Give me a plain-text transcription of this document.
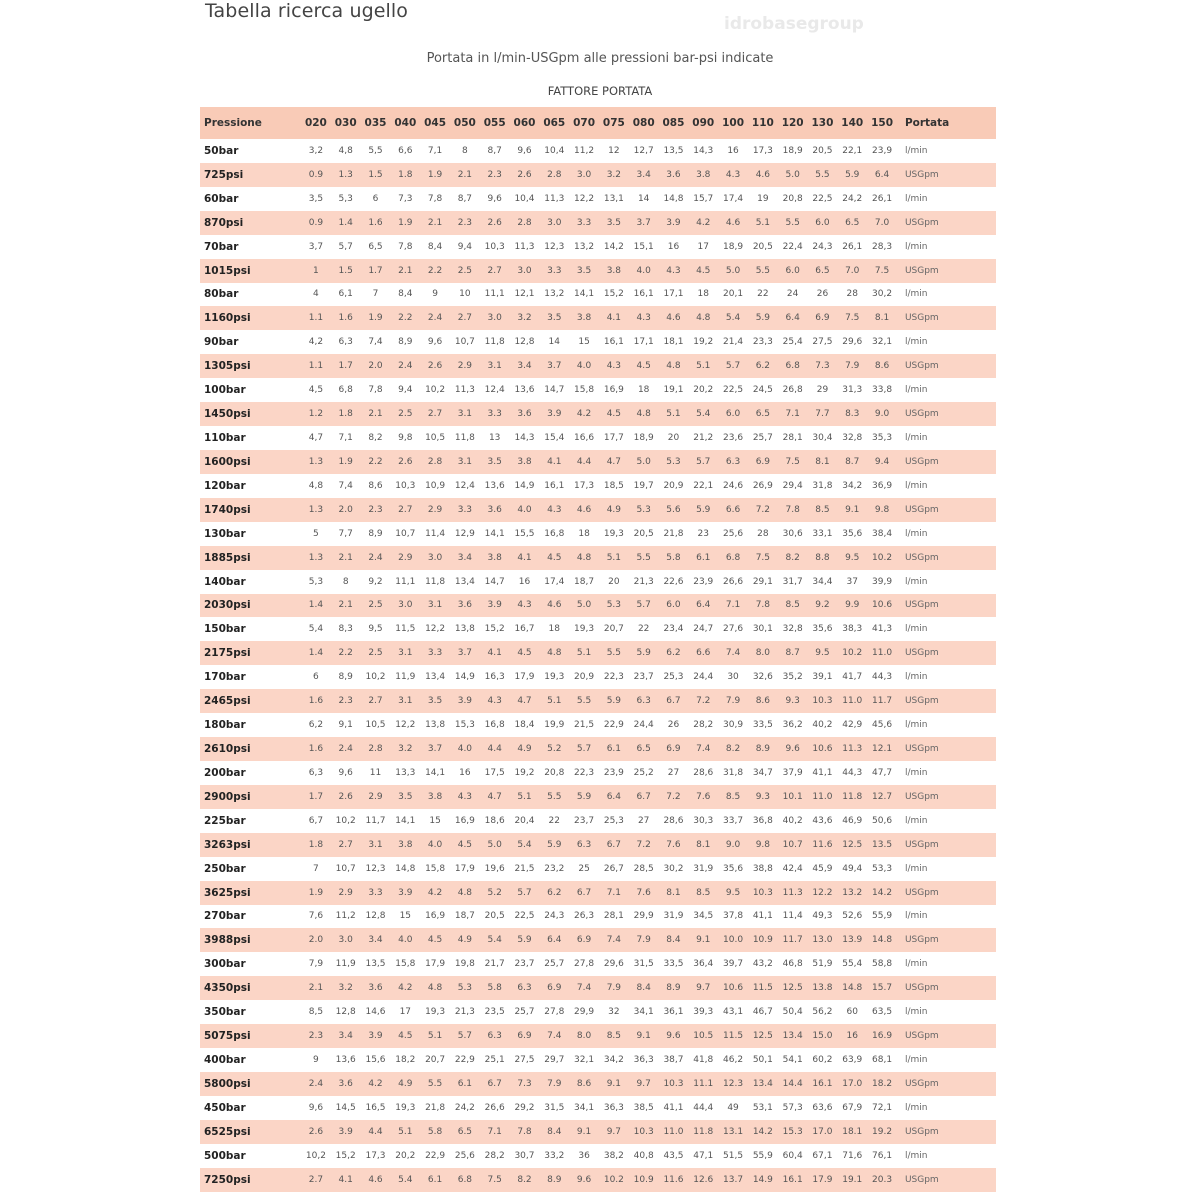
Tabella ricerca ugello
idrobasegroup
Portata in l/min-USGpm alle pressioni bar-psi indicate
FATTORE PORTATA
Pressione	020	030	035	040	045	050	055	060	065	070	075	080	085	090	100	110	120	130	140	150	Portata
50bar	3,2	4,8	5,5	6,6	7,1	8	8,7	9,6	10,4	11,2	12	12,7	13,5	14,3	16	17,3	18,9	20,5	22,1	23,9	l/min
725psi	0.9	1.3	1.5	1.8	1.9	2.1	2.3	2.6	2.8	3.0	3.2	3.4	3.6	3.8	4.3	4.6	5.0	5.5	5.9	6.4	USGpm
60bar	3,5	5,3	6	7,3	7,8	8,7	9,6	10,4	11,3	12,2	13,1	14	14,8	15,7	17,4	19	20,8	22,5	24,2	26,1	l/min
870psi	0.9	1.4	1.6	1.9	2.1	2.3	2.6	2.8	3.0	3.3	3.5	3.7	3.9	4.2	4.6	5.1	5.5	6.0	6.5	7.0	USGpm
70bar	3,7	5,7	6,5	7,8	8,4	9,4	10,3	11,3	12,3	13,2	14,2	15,1	16	17	18,9	20,5	22,4	24,3	26,1	28,3	l/min
1015psi	1	1.5	1.7	2.1	2.2	2.5	2.7	3.0	3.3	3.5	3.8	4.0	4.3	4.5	5.0	5.5	6.0	6.5	7.0	7.5	USGpm
80bar	4	6,1	7	8,4	9	10	11,1	12,1	13,2	14,1	15,2	16,1	17,1	18	20,1	22	24	26	28	30,2	l/min
1160psi	1.1	1.6	1.9	2.2	2.4	2.7	3.0	3.2	3.5	3.8	4.1	4.3	4.6	4.8	5.4	5.9	6.4	6.9	7.5	8.1	USGpm
90bar	4,2	6,3	7,4	8,9	9,6	10,7	11,8	12,8	14	15	16,1	17,1	18,1	19,2	21,4	23,3	25,4	27,5	29,6	32,1	l/min
1305psi	1.1	1.7	2.0	2.4	2.6	2.9	3.1	3.4	3.7	4.0	4.3	4.5	4.8	5.1	5.7	6.2	6.8	7.3	7.9	8.6	USGpm
100bar	4,5	6,8	7,8	9,4	10,2	11,3	12,4	13,6	14,7	15,8	16,9	18	19,1	20,2	22,5	24,5	26,8	29	31,3	33,8	l/min
1450psi	1.2	1.8	2.1	2.5	2.7	3.1	3.3	3.6	3.9	4.2	4.5	4.8	5.1	5.4	6.0	6.5	7.1	7.7	8.3	9.0	USGpm
110bar	4,7	7,1	8,2	9,8	10,5	11,8	13	14,3	15,4	16,6	17,7	18,9	20	21,2	23,6	25,7	28,1	30,4	32,8	35,3	l/min
1600psi	1.3	1.9	2.2	2.6	2.8	3.1	3.5	3.8	4.1	4.4	4.7	5.0	5.3	5.7	6.3	6.9	7.5	8.1	8.7	9.4	USGpm
120bar	4,8	7,4	8,6	10,3	10,9	12,4	13,6	14,9	16,1	17,3	18,5	19,7	20,9	22,1	24,6	26,9	29,4	31,8	34,2	36,9	l/min
1740psi	1.3	2.0	2.3	2.7	2.9	3.3	3.6	4.0	4.3	4.6	4.9	5.3	5.6	5.9	6.6	7.2	7.8	8.5	9.1	9.8	USGpm
130bar	5	7,7	8,9	10,7	11,4	12,9	14,1	15,5	16,8	18	19,3	20,5	21,8	23	25,6	28	30,6	33,1	35,6	38,4	l/min
1885psi	1.3	2.1	2.4	2.9	3.0	3.4	3.8	4.1	4.5	4.8	5.1	5.5	5.8	6.1	6.8	7.5	8.2	8.8	9.5	10.2	USGpm
140bar	5,3	8	9,2	11,1	11,8	13,4	14,7	16	17,4	18,7	20	21,3	22,6	23,9	26,6	29,1	31,7	34,4	37	39,9	l/min
2030psi	1.4	2.1	2.5	3.0	3.1	3.6	3.9	4.3	4.6	5.0	5.3	5.7	6.0	6.4	7.1	7.8	8.5	9.2	9.9	10.6	USGpm
150bar	5,4	8,3	9,5	11,5	12,2	13,8	15,2	16,7	18	19,3	20,7	22	23,4	24,7	27,6	30,1	32,8	35,6	38,3	41,3	l/min
2175psi	1.4	2.2	2.5	3.1	3.3	3.7	4.1	4.5	4.8	5.1	5.5	5.9	6.2	6.6	7.4	8.0	8.7	9.5	10.2	11.0	USGpm
170bar	6	8,9	10,2	11,9	13,4	14,9	16,3	17,9	19,3	20,9	22,3	23,7	25,3	24,4	30	32,6	35,2	39,1	41,7	44,3	l/min
2465psi	1.6	2.3	2.7	3.1	3.5	3.9	4.3	4.7	5.1	5.5	5.9	6.3	6.7	7.2	7.9	8.6	9.3	10.3	11.0	11.7	USGpm
180bar	6,2	9,1	10,5	12,2	13,8	15,3	16,8	18,4	19,9	21,5	22,9	24,4	26	28,2	30,9	33,5	36,2	40,2	42,9	45,6	l/min
2610psi	1.6	2.4	2.8	3.2	3.7	4.0	4.4	4.9	5.2	5.7	6.1	6.5	6.9	7.4	8.2	8.9	9.6	10.6	11.3	12.1	USGpm
200bar	6,3	9,6	11	13,3	14,1	16	17,5	19,2	20,8	22,3	23,9	25,2	27	28,6	31,8	34,7	37,9	41,1	44,3	47,7	l/min
2900psi	1.7	2.6	2.9	3.5	3.8	4.3	4.7	5.1	5.5	5.9	6.4	6.7	7.2	7.6	8.5	9.3	10.1	11.0	11.8	12.7	USGpm
225bar	6,7	10,2	11,7	14,1	15	16,9	18,6	20,4	22	23,7	25,3	27	28,6	30,3	33,7	36,8	40,2	43,6	46,9	50,6	l/min
3263psi	1.8	2.7	3.1	3.8	4.0	4.5	5.0	5.4	5.9	6.3	6.7	7.2	7.6	8.1	9.0	9.8	10.7	11.6	12.5	13.5	USGpm
250bar	7	10,7	12,3	14,8	15,8	17,9	19,6	21,5	23,2	25	26,7	28,5	30,2	31,9	35,6	38,8	42,4	45,9	49,4	53,3	l/min
3625psi	1.9	2.9	3.3	3.9	4.2	4.8	5.2	5.7	6.2	6.7	7.1	7.6	8.1	8.5	9.5	10.3	11.3	12.2	13.2	14.2	USGpm
270bar	7,6	11,2	12,8	15	16,9	18,7	20,5	22,5	24,3	26,3	28,1	29,9	31,9	34,5	37,8	41,1	11,4	49,3	52,6	55,9	l/min
3988psi	2.0	3.0	3.4	4.0	4.5	4.9	5.4	5.9	6.4	6.9	7.4	7.9	8.4	9.1	10.0	10.9	11.7	13.0	13.9	14.8	USGpm
300bar	7,9	11,9	13,5	15,8	17,9	19,8	21,7	23,7	25,7	27,8	29,6	31,5	33,5	36,4	39,7	43,2	46,8	51,9	55,4	58,8	l/min
4350psi	2.1	3.2	3.6	4.2	4.8	5.3	5.8	6.3	6.9	7.4	7.9	8.4	8.9	9.7	10.6	11.5	12.5	13.8	14.8	15.7	USGpm
350bar	8,5	12,8	14,6	17	19,3	21,3	23,5	25,7	27,8	29,9	32	34,1	36,1	39,3	43,1	46,7	50,4	56,2	60	63,5	l/min
5075psi	2.3	3.4	3.9	4.5	5.1	5.7	6.3	6.9	7.4	8.0	8.5	9.1	9.6	10.5	11.5	12.5	13.4	15.0	16	16.9	USGpm
400bar	9	13,6	15,6	18,2	20,7	22,9	25,1	27,5	29,7	32,1	34,2	36,3	38,7	41,8	46,2	50,1	54,1	60,2	63,9	68,1	l/min
5800psi	2.4	3.6	4.2	4.9	5.5	6.1	6.7	7.3	7.9	8.6	9.1	9.7	10.3	11.1	12.3	13.4	14.4	16.1	17.0	18.2	USGpm
450bar	9,6	14,5	16,5	19,3	21,8	24,2	26,6	29,2	31,5	34,1	36,3	38,5	41,1	44,4	49	53,1	57,3	63,6	67,9	72,1	l/min
6525psi	2.6	3.9	4.4	5.1	5.8	6.5	7.1	7.8	8.4	9.1	9.7	10.3	11.0	11.8	13.1	14.2	15.3	17.0	18.1	19.2	USGpm
500bar	10,2	15,2	17,3	20,2	22,9	25,6	28,2	30,7	33,2	36	38,2	40,8	43,5	47,1	51,5	55,9	60,4	67,1	71,6	76,1	l/min
7250psi	2.7	4.1	4.6	5.4	6.1	6.8	7.5	8.2	8.9	9.6	10.2	10.9	11.6	12.6	13.7	14.9	16.1	17.9	19.1	20.3	USGpm
